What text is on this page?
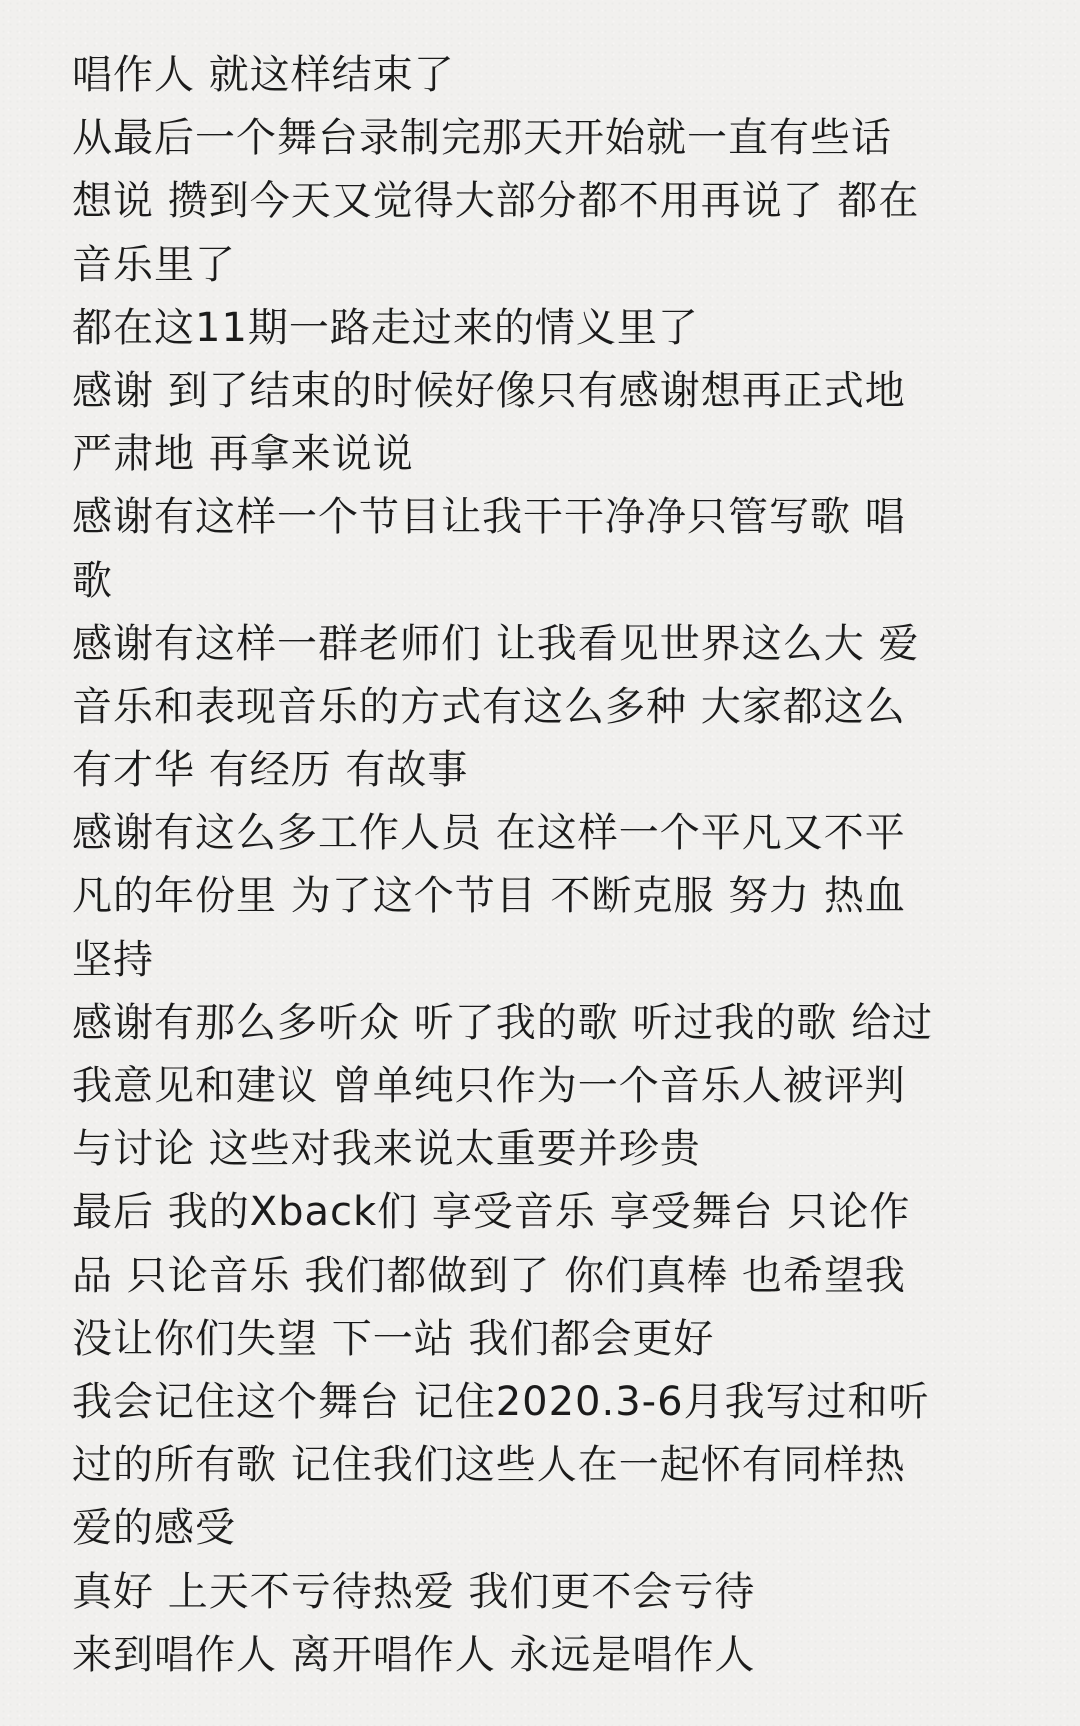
唱作人 就这样结束了
从最后一个舞台录制完那天开始就一直有些话
想说 攒到今天又觉得大部分都不用再说了 都在
音乐里了
都在这11期一路走过来的情义里了
感谢 到了结束的时候好像只有感谢想再正式地
严肃地 再拿来说说
感谢有这样一个节目让我干干净净只管写歌 唱
歌
感谢有这样一群老师们 让我看见世界这么大 爱
音乐和表现音乐的方式有这么多种 大家都这么
有才华 有经历 有故事
感谢有这么多工作人员 在这样一个平凡又不平
凡的年份里 为了这个节目 不断克服 努力 热血
坚持
感谢有那么多听众 听了我的歌 听过我的歌 给过
我意见和建议 曾单纯只作为一个音乐人被评判
与讨论 这些对我来说太重要并珍贵
最后 我的Xback们 享受音乐 享受舞台 只论作
品 只论音乐 我们都做到了 你们真棒 也希望我
没让你们失望 下一站 我们都会更好
我会记住这个舞台 记住2020.3-6月我写过和听
过的所有歌 记住我们这些人在一起怀有同样热
爱的感受
真好 上天不亏待热爱 我们更不会亏待
来到唱作人 离开唱作人 永远是唱作人
